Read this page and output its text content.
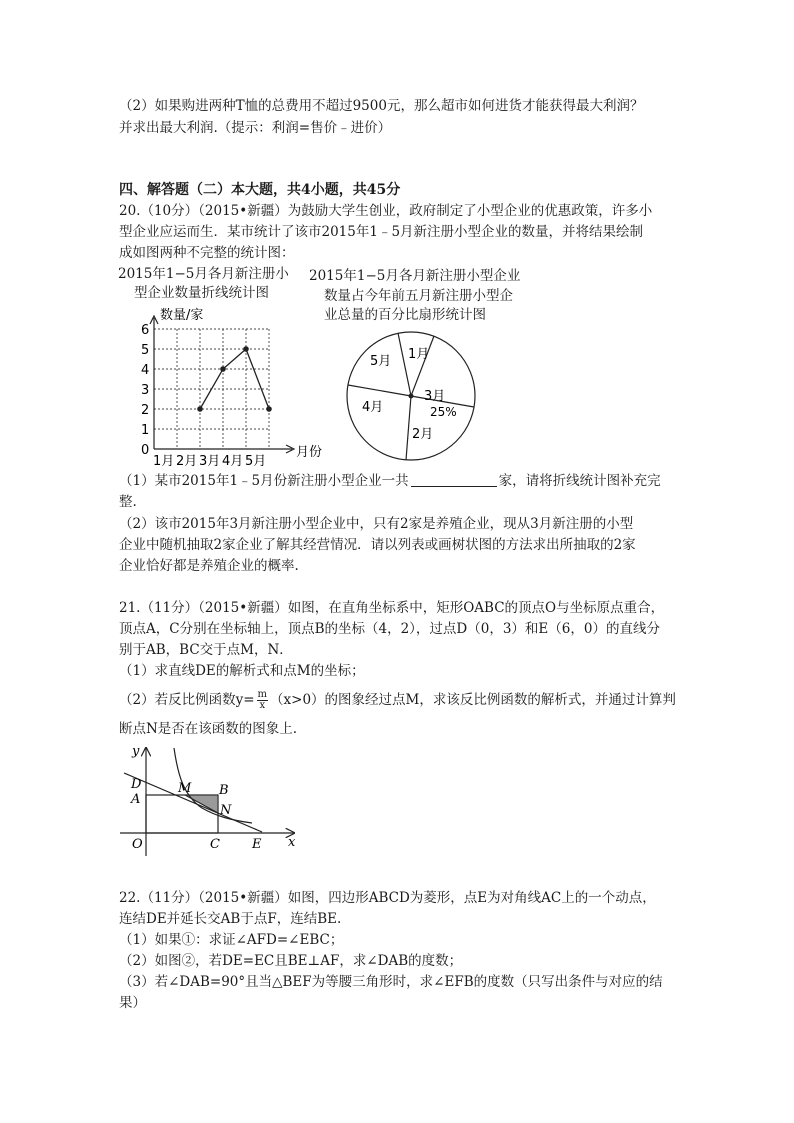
（2）如果购进两种T恤的总费用不超过9500元，那么超市如何进货才能获得最大利润？
并求出最大利润.（提示：利润=售价﹣进价）
四、解答题（二）本大题，共4小题，共45分
20.（10分）（2015•新疆）为鼓励大学生创业，政府制定了小型企业的优惠政策，许多小
型企业应运而生．某市统计了该市2015年1﹣5月新注册小型企业的数量，并将结果绘制
成如图两种不完整的统计图：
2015年1−5月各月新注册小
型企业数量折线统计图
0
1
2
3
4
5
6
1月 2月 3月 4月 5月
数量/家
月份
2015年1−5月各月新注册小型企业
数量占今年前五月新注册小型企
业总量的百分比扇形统计图
1月
3月
25%
2月
4月
5月
（1）某市2015年1﹣5月份新注册小型企业一共	家，请将折线统计图补充完
整.
（2）该市2015年3月新注册小型企业中，只有2家是养殖企业，现从3月新注册的小型
企业中随机抽取2家企业了解其经营情况．请以列表或画树状图的方法求出所抽取的2家
企业恰好都是养殖企业的概率.
21.（11分）（2015•新疆）如图，在直角坐标系中，矩形OABC的顶点O与坐标原点重合，
顶点A，C分别在坐标轴上，顶点B的坐标（4，2），过点D（0，3）和E（6，0）的直线分
别于AB，BC交于点M，N．
（1）求直线DE的解析式和点M的坐标；
（2）若反比例函数$y= \frac{m}{x} (x>0)$的图象经过点M，求该反比例函数的解析式，并通过计算判
断点N是否在该函数的图象上.
y
x
D
A
O
M B
N
C E
22.（11分）（2015•新疆）如图，四边形ABCD为菱形，点E为对角线AC上的一个动点，
连结DE并延长交AB于点F，连结BE.
（1）如果①：求证∠AFD=∠EBC；
（2）如图②，若DE=EC且BE⊥AF，求∠DAB的度数；
（3）若∠DAB=90°且当△BEF为等腰三角形时，求∠EFB的度数（只写出条件与对应的结
果）
